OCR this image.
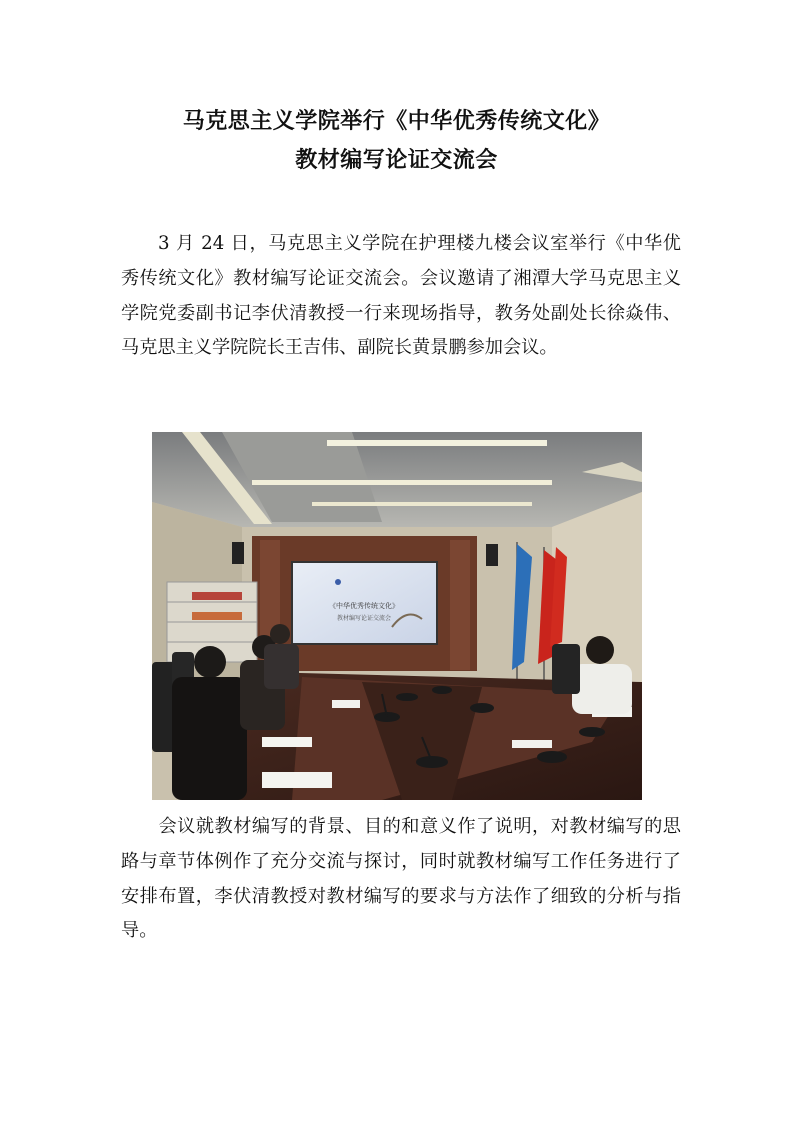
马克思主义学院举行《中华优秀传统文化》
教材编写论证交流会

3 月 24 日，马克思主义学院在护理楼九楼会议室举行《中华优秀传统文化》教材编写论证交流会。会议邀请了湘潭大学马克思主义学院党委副书记李伏清教授一行来现场指导，教务处副处长徐焱伟、马克思主义学院院长王吉伟、副院长黄景鹏参加会议。

《中华优秀传统文化》
教材编写论证交流会

会议就教材编写的背景、目的和意义作了说明，对教材编写的思路与章节体例作了充分交流与探讨，同时就教材编写工作任务进行了安排布置，李伏清教授对教材编写的要求与方法作了细致的分析与指导。
